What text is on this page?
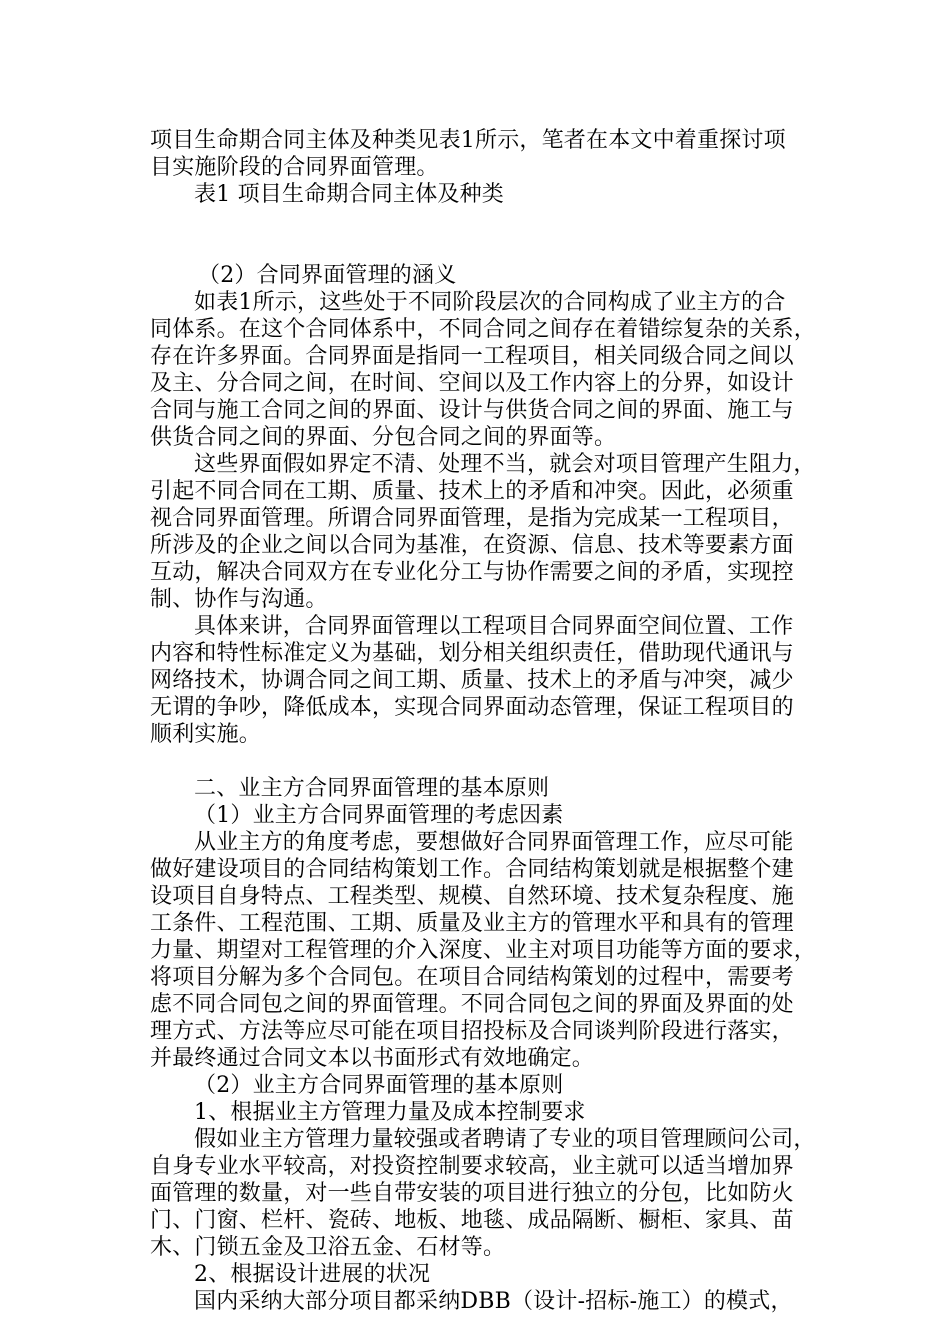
项目生命期合同主体及种类见表1所示，笔者在本文中着重探讨项
目实施阶段的合同界面管理。
表1 项目生命期合同主体及种类
（2）合同界面管理的涵义
如表1所示，这些处于不同阶段层次的合同构成了业主方的合
同体系。在这个合同体系中，不同合同之间存在着错综复杂的关系，
存在许多界面。合同界面是指同一工程项目，相关同级合同之间以
及主、分合同之间，在时间、空间以及工作内容上的分界，如设计
合同与施工合同之间的界面、设计与供货合同之间的界面、施工与
供货合同之间的界面、分包合同之间的界面等。
这些界面假如界定不清、处理不当，就会对项目管理产生阻力，
引起不同合同在工期、质量、技术上的矛盾和冲突。因此，必须重
视合同界面管理。所谓合同界面管理，是指为完成某一工程项目，
所涉及的企业之间以合同为基准，在资源、信息、技术等要素方面
互动，解决合同双方在专业化分工与协作需要之间的矛盾，实现控
制、协作与沟通。
具体来讲，合同界面管理以工程项目合同界面空间位置、工作
内容和特性标准定义为基础，划分相关组织责任，借助现代通讯与
网络技术，协调合同之间工期、质量、技术上的矛盾与冲突，减少
无谓的争吵，降低成本，实现合同界面动态管理，保证工程项目的
顺利实施。
二、业主方合同界面管理的基本原则
（1）业主方合同界面管理的考虑因素
从业主方的角度考虑，要想做好合同界面管理工作，应尽可能
做好建设项目的合同结构策划工作。合同结构策划就是根据整个建
设项目自身特点、工程类型、规模、自然环境、技术复杂程度、施
工条件、工程范围、工期、质量及业主方的管理水平和具有的管理
力量、期望对工程管理的介入深度、业主对项目功能等方面的要求，
将项目分解为多个合同包。在项目合同结构策划的过程中，需要考
虑不同合同包之间的界面管理。不同合同包之间的界面及界面的处
理方式、方法等应尽可能在项目招投标及合同谈判阶段进行落实，
并最终通过合同文本以书面形式有效地确定。
（2）业主方合同界面管理的基本原则
1、根据业主方管理力量及成本控制要求
假如业主方管理力量较强或者聘请了专业的项目管理顾问公司，
自身专业水平较高，对投资控制要求较高，业主就可以适当增加界
面管理的数量，对一些自带安装的项目进行独立的分包，比如防火
门、门窗、栏杆、瓷砖、地板、地毯、成品隔断、橱柜、家具、苗
木、门锁五金及卫浴五金、石材等。
2、根据设计进展的状况
国内采纳大部分项目都采纳DBB（设计-招标-施工）的模式，
